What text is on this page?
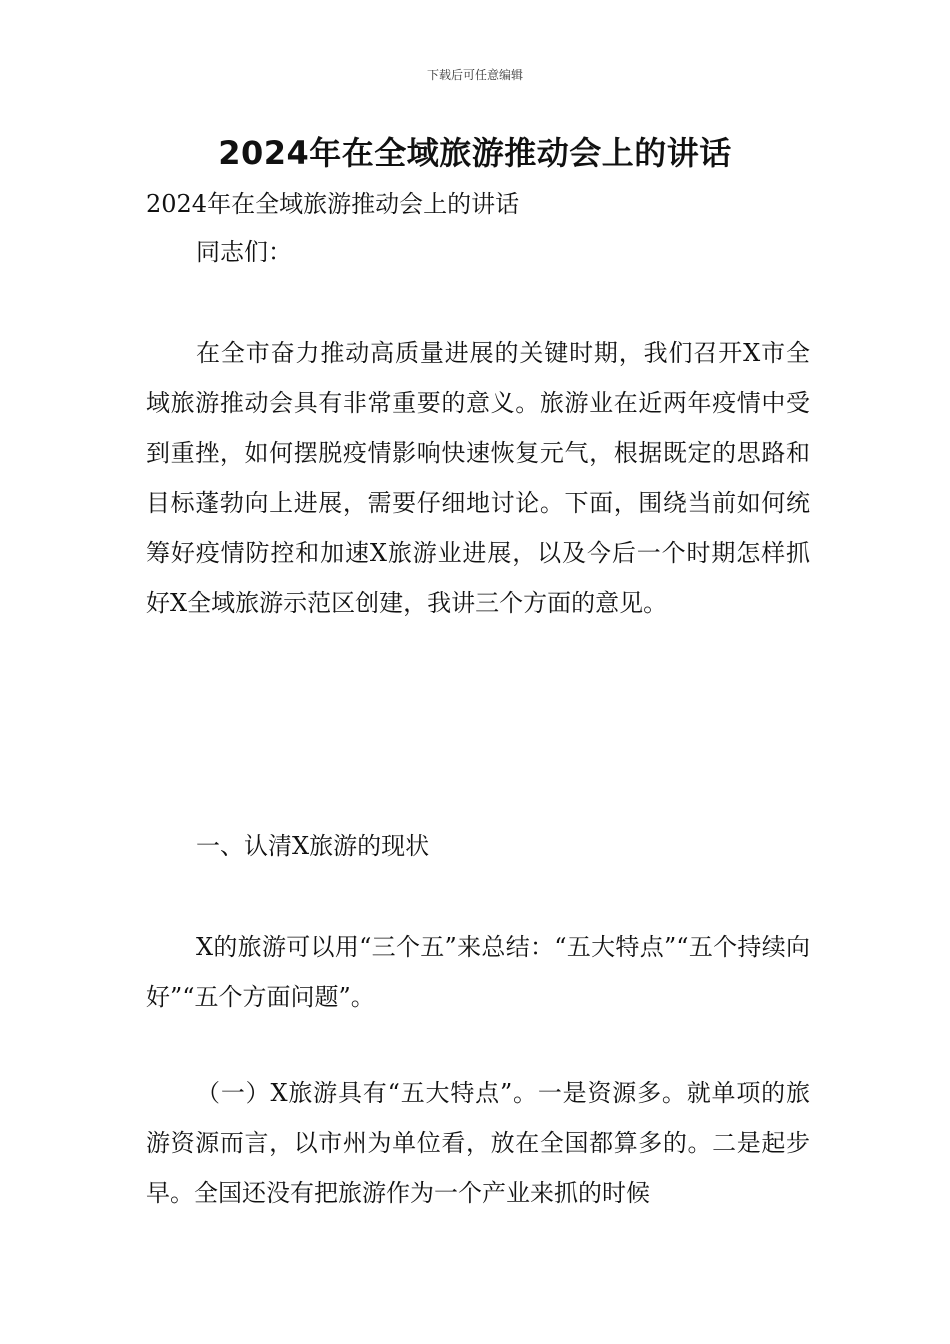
下载后可任意编辑
2024年在全域旅游推动会上的讲话

2024年在全域旅游推动会上的讲话

同志们：

在全市奋力推动高质量进展的关键时期，我们召开X市全域旅游推动会具有非常重要的意义。旅游业在近两年疫情中受到重挫，如何摆脱疫情影响快速恢复元气，根据既定的思路和目标蓬勃向上进展，需要仔细地讨论。下面，围绕当前如何统筹好疫情防控和加速X旅游业进展，以及今后一个时期怎样抓好X全域旅游示范区创建，我讲三个方面的意见。

一、认清X旅游的现状

X的旅游可以用“三个五”来总结：“五大特点”“五个持续向好”“五个方面问题”。

（一）X旅游具有“五大特点”。一是资源多。就单项的旅游资源而言，以市州为单位看，放在全国都算多的。二是起步早。全国还没有把旅游作为一个产业来抓的时候
